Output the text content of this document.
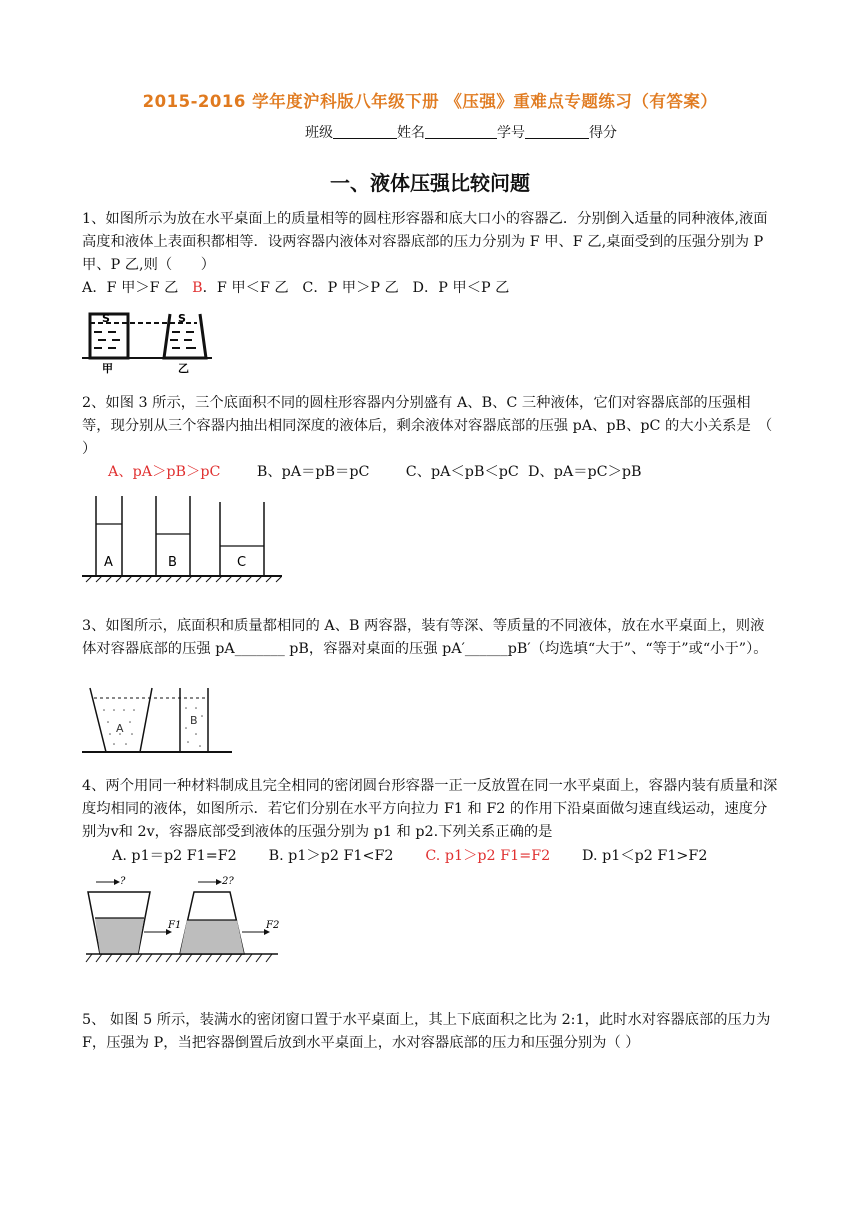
2015-2016 学年度沪科版八年级下册 《压强》重难点专题练习（有答案）
班级	姓名	学号	得分
一、液体压强比较问题
1、如图所示为放在水平桌面上的质量相等的圆柱形容器和底大口小的容器乙．分别倒入适量的同种液体,液面高度和液体上表面积都相等．设两容器内液体对容器底部的压力分别为 F 甲、F 乙,桌面受到的压强分别为 P 甲、P 乙,则（　　）
A．F 甲＞F 乙 B．F 甲＜F 乙 C．P 甲＞P 乙 D．P 甲＜P 乙
S	S
甲	乙
2、如图 3 所示，三个底面积不同的圆柱形容器内分别盛有 A、B、C 三种液体，它们对容器底部的压强相等，现分别从三个容器内抽出相同深度的液体后，剩余液体对容器底部的压强 pA、pB、pC 的大小关系是　（ ）
A、pA＞pB＞pC	B、pA＝pB＝pC	C、pA＜pB＜pC D、pA＝pC＞pB
A	B	C
3、如图所示，底面积和质量都相同的 A、B 两容器，装有等深、等质量的不同液体，放在水平桌面上，则液体对容器底部的压强 pA_______ pB，容器对桌面的压强 pA′______pB′（均选填“大于”、“等于”或“小于”）。
A
B
4、两个用同一种材料制成且完全相同的密闭圆台形容器一正一反放置在同一水平桌面上，容器内装有质量和深度均相同的液体，如图所示．若它们分别在水平方向拉力 F1 和 F2 的作用下沿桌面做匀速直线运动，速度分别为v和 2v，容器底部受到液体的压强分别为 p1 和 p2.下列关系正确的是
A. p1＝p2 F1=F2 B. p1＞p2 F1<F2 C. p1＞p2 F1=F2 D. p1＜p2 F1>F2
?
F1
2?
F2
5、 如图 5 所示，装满水的密闭窗口置于水平桌面上，其上下底面积之比为 2:1，此时水对容器底部的压力为 F，压强为 P，当把容器倒置后放到水平桌面上，水对容器底部的压力和压强分别为（ ）
